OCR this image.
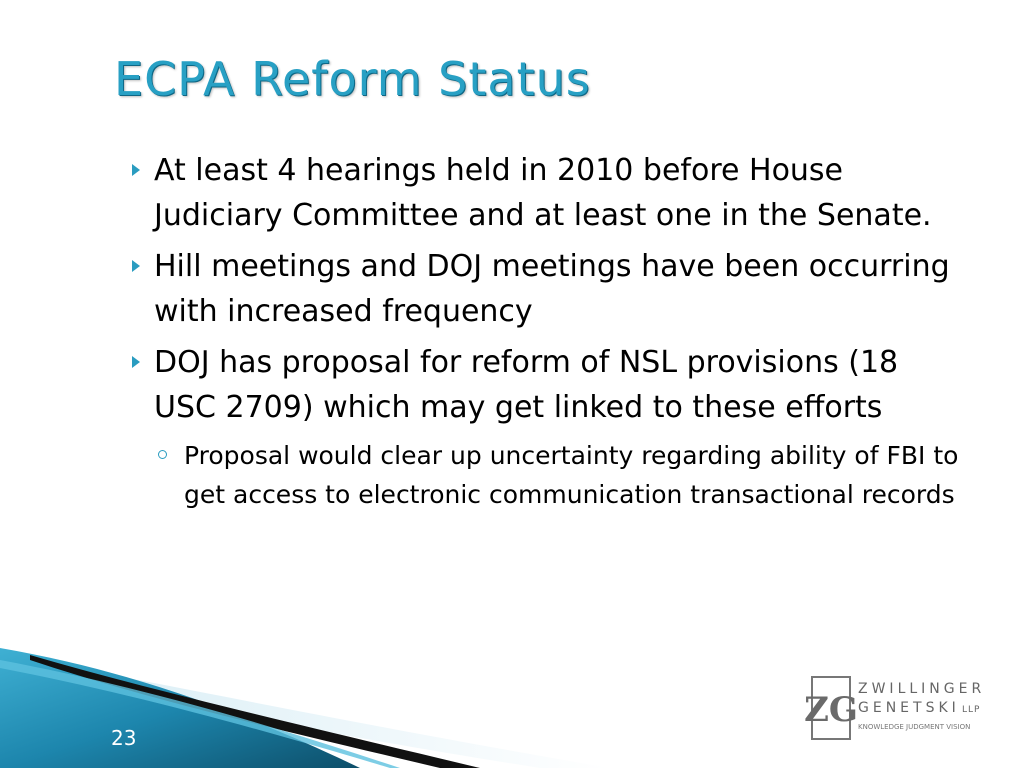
ECPA Reform Status
At least 4 hearings held in 2010 before House Judiciary Committee and at least one in the Senate.
Hill meetings and DOJ meetings have been occurring with increased frequency
DOJ has proposal for reform of NSL provisions (18 USC 2709) which may get linked to these efforts
Proposal would clear up uncertainty regarding ability of FBI to get access to electronic communication transactional records
23
ZG
ZWILLINGER
GENETSKI LLP
KNOWLEDGE JUDGMENT VISION
